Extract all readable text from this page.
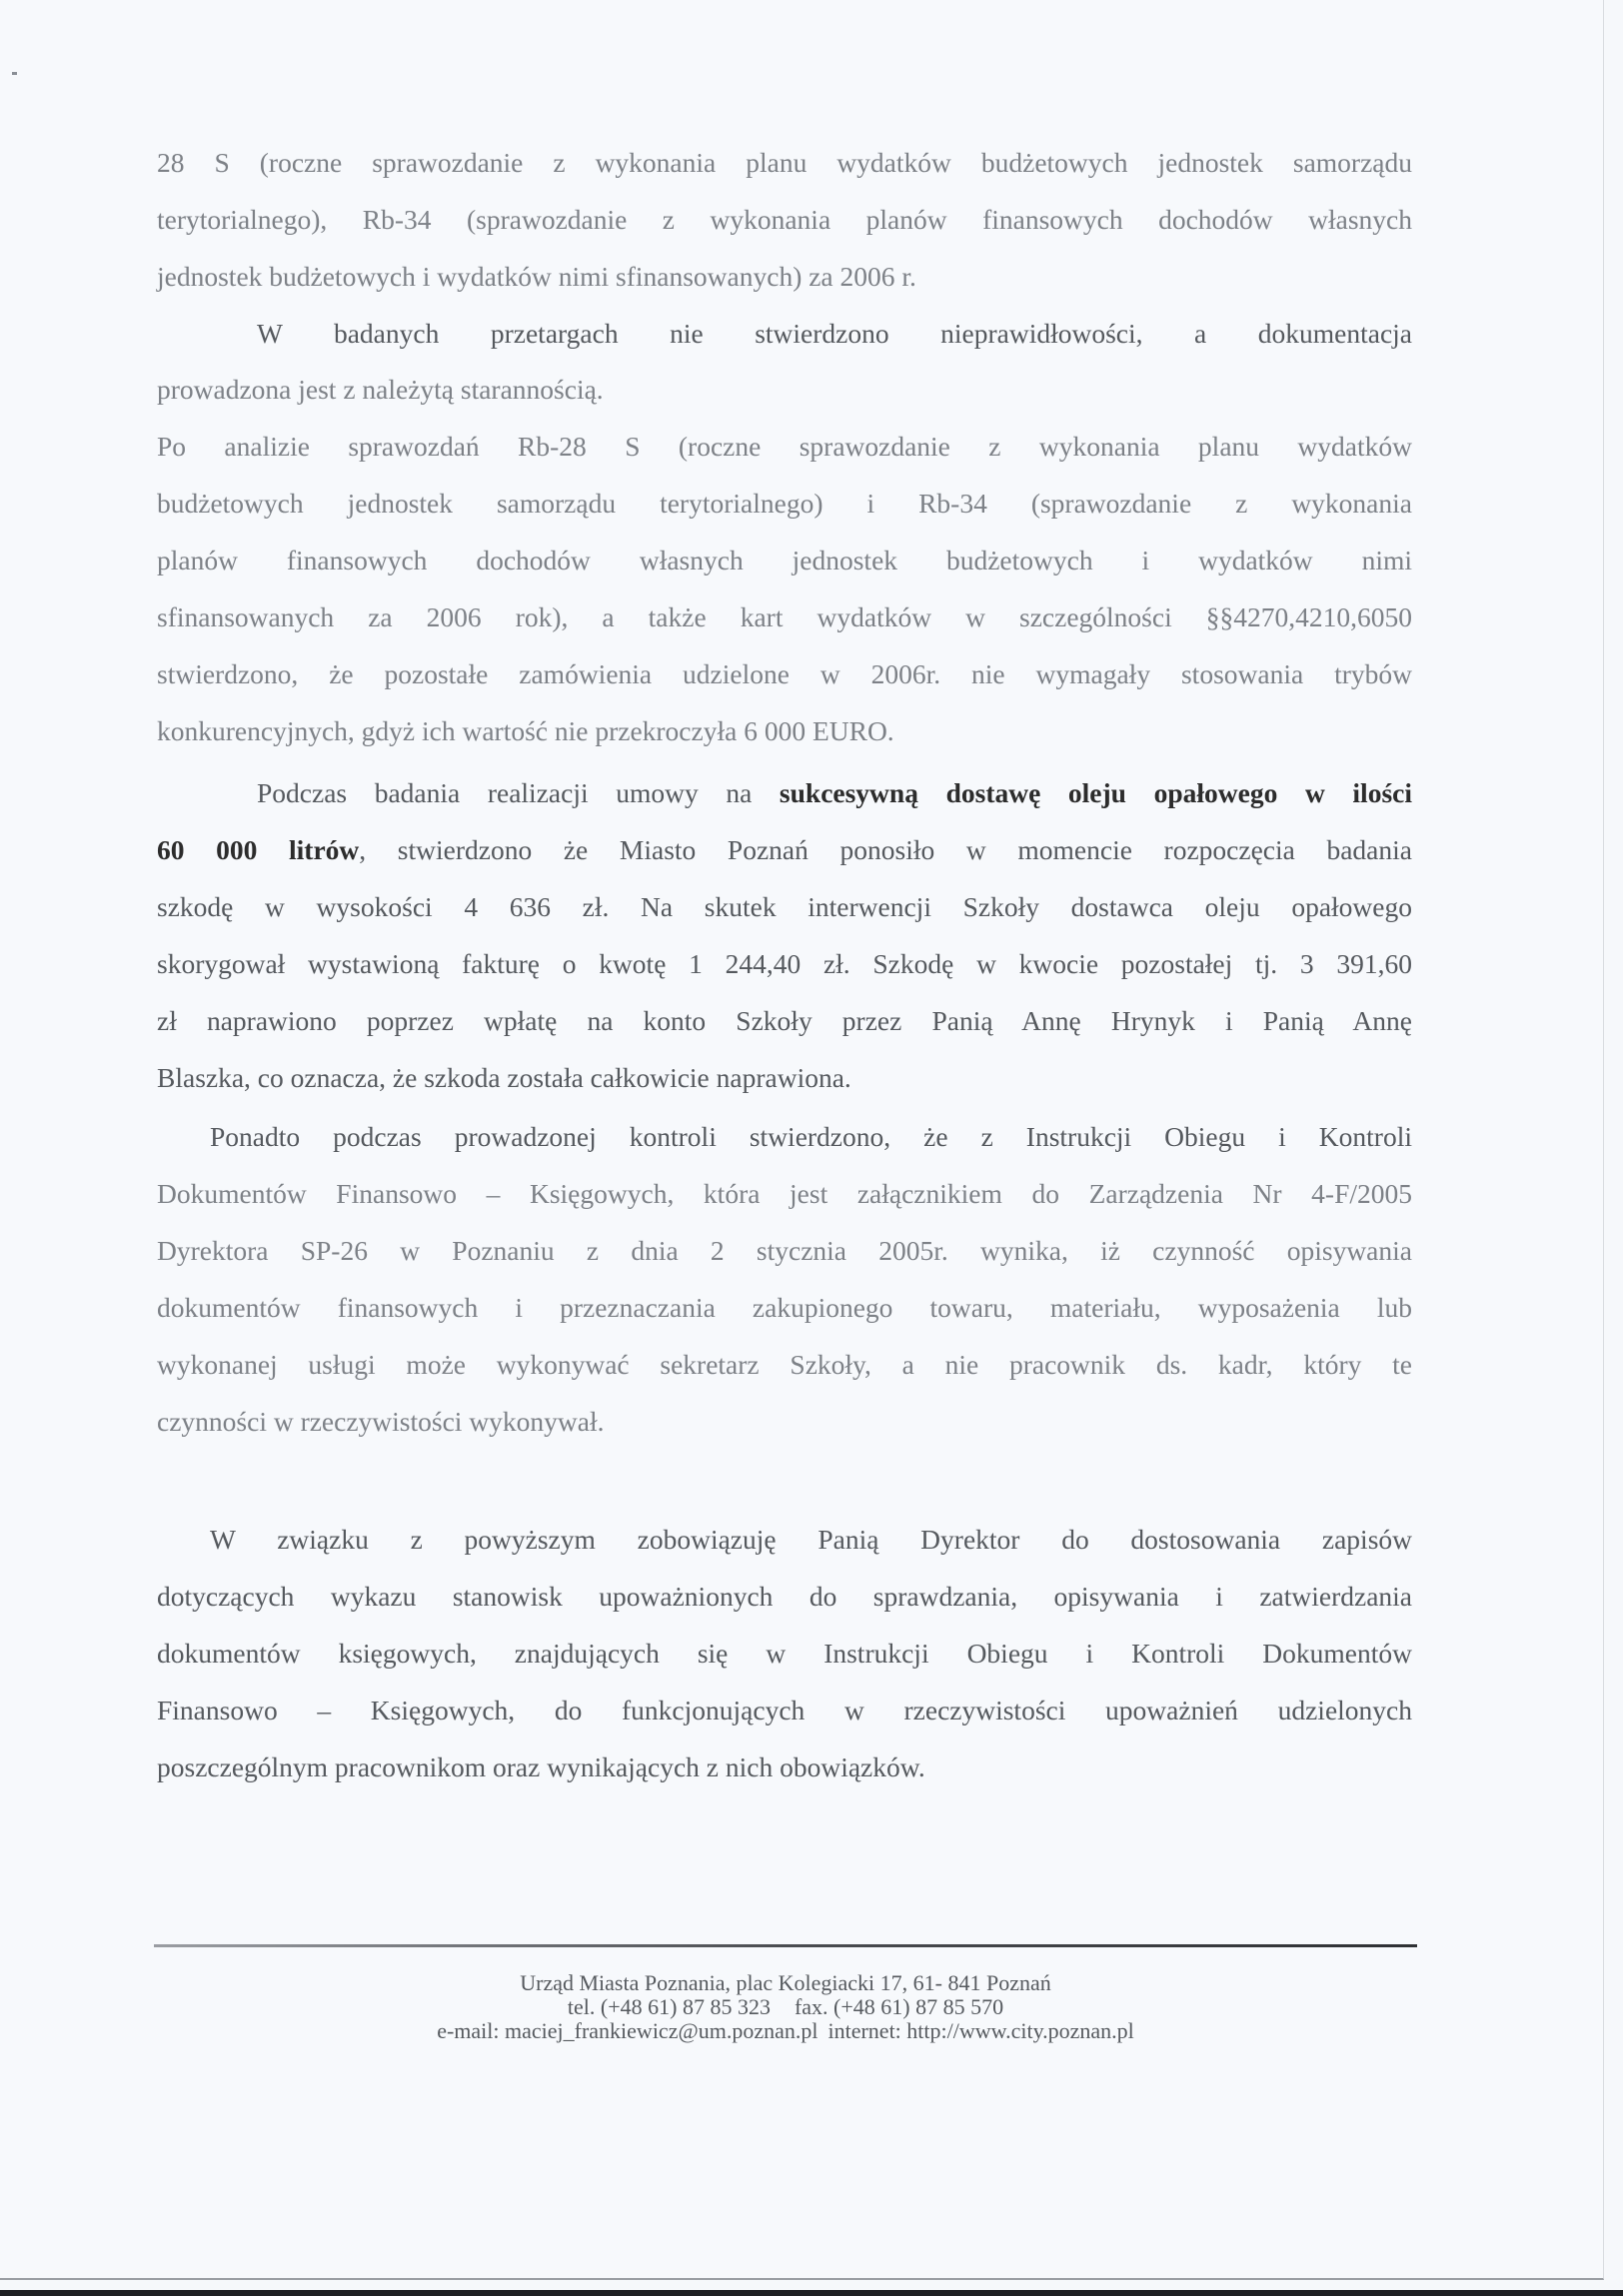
28 S (roczne sprawozdanie z wykonania planu wydatków budżetowych jednostek samorządu
terytorialnego), Rb-34 (sprawozdanie z wykonania planów finansowych dochodów własnych
jednostek budżetowych i wydatków nimi sfinansowanych) za 2006 r.
W badanych przetargach nie stwierdzono nieprawidłowości, a dokumentacja
prowadzona jest z należytą starannością.
Po analizie sprawozdań Rb-28 S (roczne sprawozdanie z wykonania planu wydatków
budżetowych jednostek samorządu terytorialnego) i Rb-34 (sprawozdanie z wykonania
planów finansowych dochodów własnych jednostek budżetowych i wydatków nimi
sfinansowanych za 2006 rok), a także kart wydatków w szczególności §§4270,4210,6050
stwierdzono, że pozostałe zamówienia udzielone w 2006r. nie wymagały stosowania trybów
konkurencyjnych, gdyż ich wartość nie przekroczyła 6 000 EURO.
Podczas badania realizacji umowy na sukcesywną dostawę oleju opałowego w ilości
60 000 litrów, stwierdzono że Miasto Poznań ponosiło w momencie rozpoczęcia badania
szkodę w wysokości 4 636 zł. Na skutek interwencji Szkoły dostawca oleju opałowego
skorygował wystawioną fakturę o kwotę 1 244,40 zł. Szkodę w kwocie pozostałej tj. 3 391,60
zł naprawiono poprzez wpłatę na konto Szkoły przez Panią Annę Hrynyk i Panią Annę
Blaszka, co oznacza, że szkoda została całkowicie naprawiona.
Ponadto podczas prowadzonej kontroli stwierdzono, że z Instrukcji Obiegu i Kontroli
Dokumentów Finansowo – Księgowych, która jest załącznikiem do Zarządzenia Nr 4-F/2005
Dyrektora SP-26 w Poznaniu z dnia 2 stycznia 2005r. wynika, iż czynność opisywania
dokumentów finansowych i przeznaczania zakupionego towaru, materiału, wyposażenia lub
wykonanej usługi może wykonywać sekretarz Szkoły, a nie pracownik ds. kadr, który te
czynności w rzeczywistości wykonywał.
W związku z powyższym zobowiązuję Panią Dyrektor do dostosowania zapisów
dotyczących wykazu stanowisk upoważnionych do sprawdzania, opisywania i zatwierdzania
dokumentów księgowych, znajdujących się w Instrukcji Obiegu i Kontroli Dokumentów
Finansowo – Księgowych, do funkcjonujących w rzeczywistości upoważnień udzielonych
poszczególnym pracownikom oraz wynikających z nich obowiązków.
Urząd Miasta Poznania, plac Kolegiacki 17, 61- 841 Poznań
tel. (+48 61) 87 85 323 fax. (+48 61) 87 85 570
e-mail: maciej_frankiewicz@um.poznan.pl internet: http://www.city.poznan.pl
